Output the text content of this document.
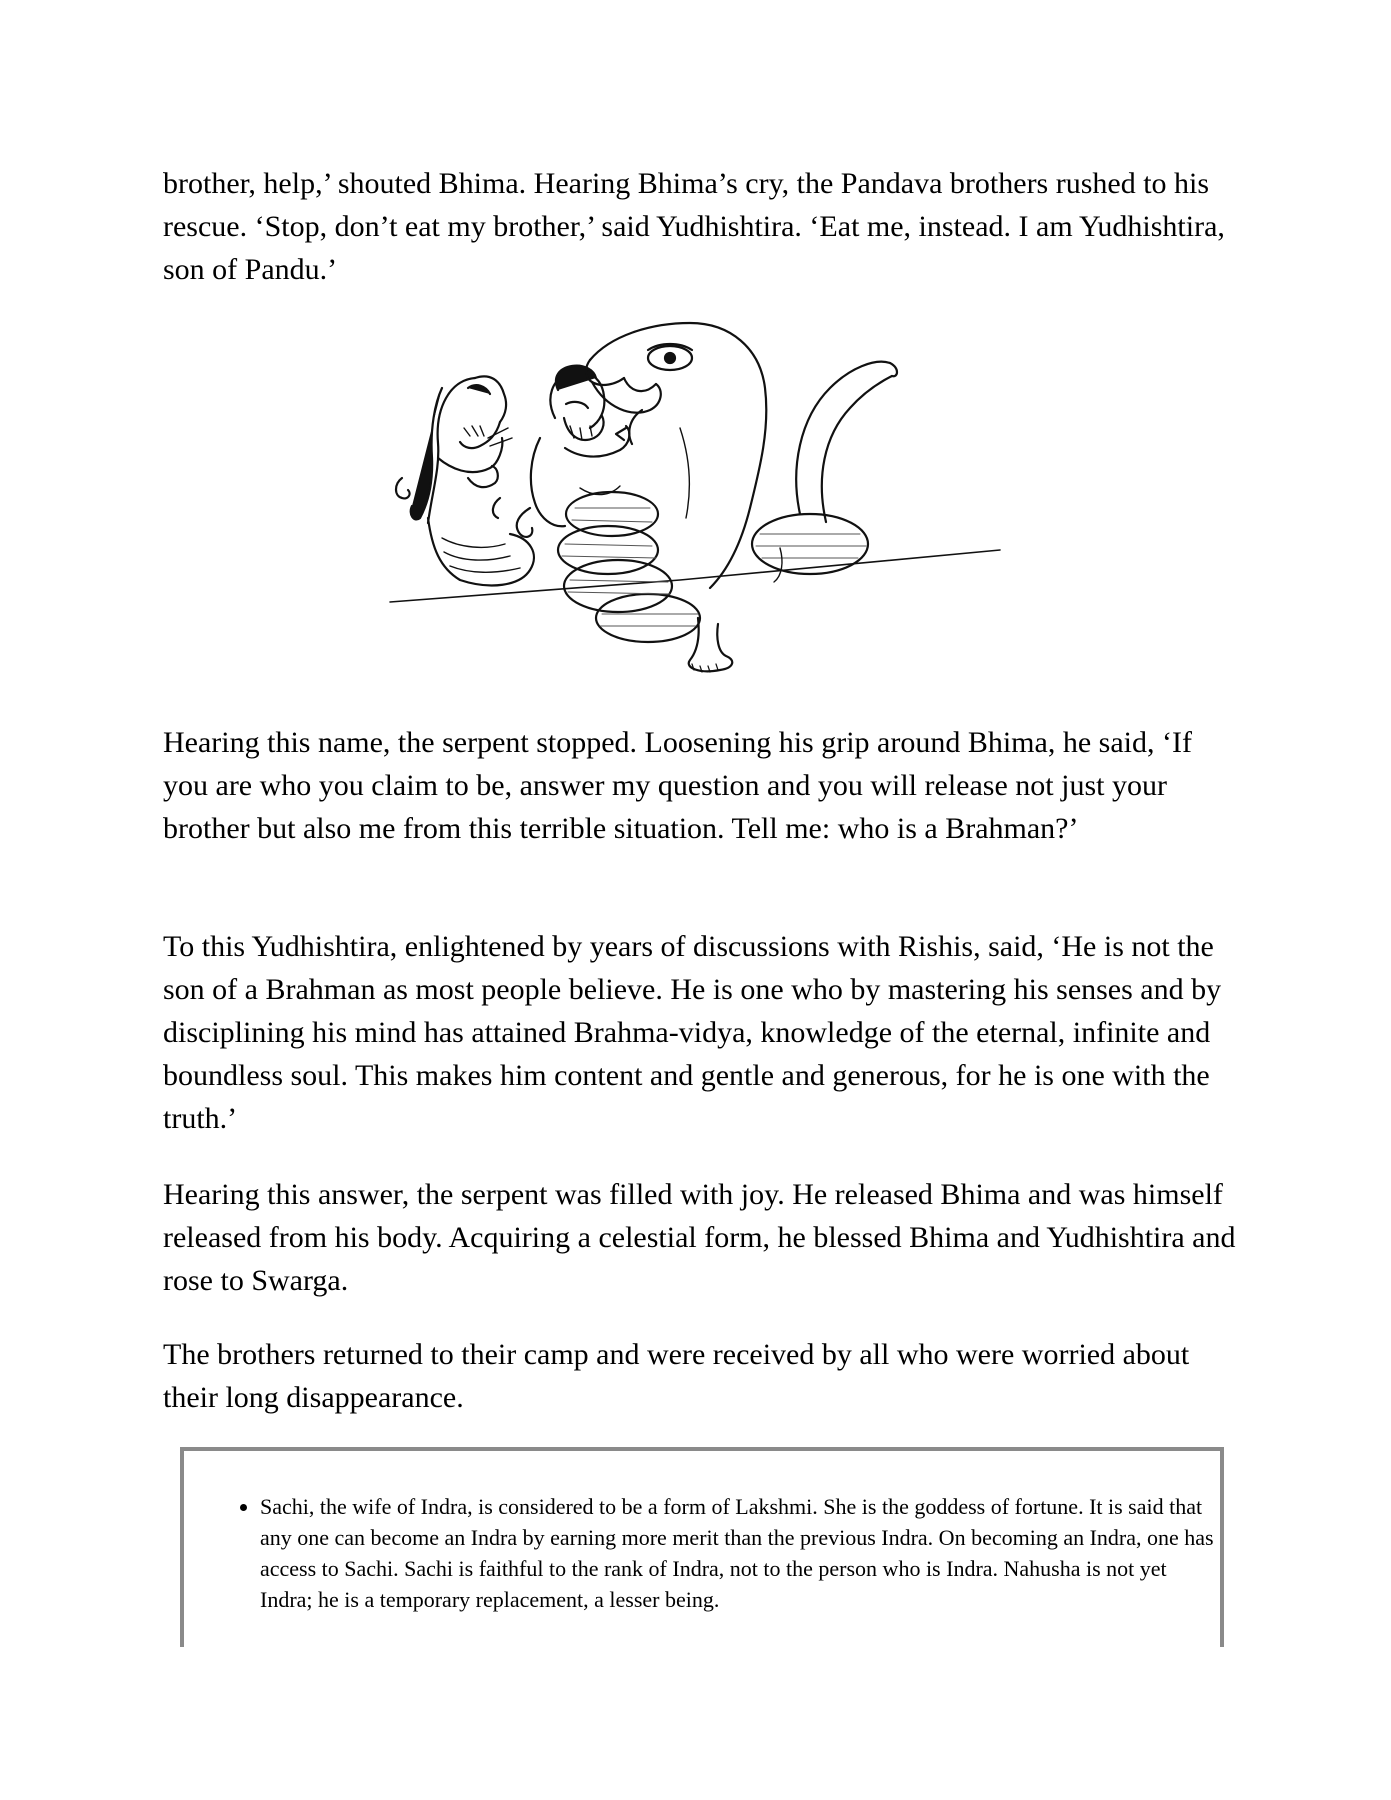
brother, help,’ shouted Bhima. Hearing Bhima’s cry, the Pandava brothers rushed to his rescue. ‘Stop, don’t eat my brother,’ said Yudhishtira. ‘Eat me, instead. I am Yudhishtira, son of Pandu.’

Hearing this name, the serpent stopped. Loosening his grip around Bhima, he said, ‘If you are who you claim to be, answer my question and you will release not just your brother but also me from this terrible situation. Tell me: who is a Brahman?’

To this Yudhishtira, enlightened by years of discussions with Rishis, said, ‘He is not the son of a Brahman as most people believe. He is one who by mastering his senses and by disciplining his mind has attained Brahma-vidya, knowledge of the eternal, infinite and boundless soul. This makes him content and gentle and generous, for he is one with the truth.’

Hearing this answer, the serpent was filled with joy. He released Bhima and was himself released from his body. Acquiring a celestial form, he blessed Bhima and Yudhishtira and rose to Swarga.

The brothers returned to their camp and were received by all who were worried about their long disappearance.

• Sachi, the wife of Indra, is considered to be a form of Lakshmi. She is the goddess of fortune. It is said that any one can become an Indra by earning more merit than the previous Indra. On becoming an Indra, one has access to Sachi. Sachi is faithful to the rank of Indra, not to the person who is Indra. Nahusha is not yet Indra; he is a temporary replacement, a lesser being.
